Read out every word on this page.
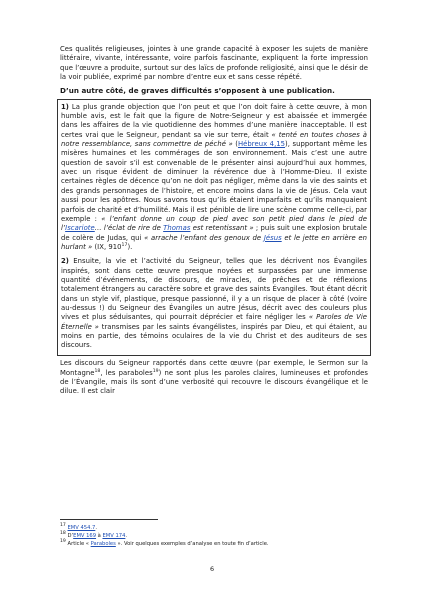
Ces qualités religieuses, jointes à une grande capacité à exposer les sujets de manière littéraire, vivante, intéressante, voire parfois fascinante, expliquent la forte impression que l’œuvre a produite, surtout sur des laïcs de profonde religiosité, ainsi que le désir de la voir publiée, exprimé par nombre d’entre eux et sans cesse répété.

D’un autre côté, de graves difficultés s’opposent à une publication.

1) La plus grande objection que l’on peut et que l’on doit faire à cette œuvre, à mon humble avis, est le fait que la figure de Notre-Seigneur y est abaissée et immergée dans les affaires de la vie quotidienne des hommes d’une manière inacceptable. Il est certes vrai que le Seigneur, pendant sa vie sur terre, était « tenté en toutes choses à notre ressemblance, sans commettre de péché » (Hébreux 4,15), supportant même les misères humaines et les commérages de son environnement. Mais c’est une autre question de savoir s’il est convenable de le présenter ainsi aujourd’hui aux hommes, avec un risque évident de diminuer la révérence due à l’Homme-Dieu. Il existe certaines règles de décence qu’on ne doit pas négliger, même dans la vie des saints et des grands personnages de l’histoire, et encore moins dans la vie de Jésus. Cela vaut aussi pour les apôtres. Nous savons tous qu’ils étaient imparfaits et qu’ils manquaient parfois de charité et d’humilité. Mais il est pénible de lire une scène comme celle-ci, par exemple : « l’enfant donne un coup de pied avec son petit pied dans le pied de l’Iscariote… l’éclat de rire de Thomas est retentissant » ; puis suit une explosion brutale de colère de Judas, qui « arrache l’enfant des genoux de Jésus et le jette en arrière en hurlant » (IX, $910^{17}$).

2) Ensuite, la vie et l’activité du Seigneur, telles que les décrivent nos Évangiles inspirés, sont dans cette œuvre presque noyées et surpassées par une immense quantité d’événements, de discours, de miracles, de prêches et de réflexions totalement étrangers au caractère sobre et grave des saints Évangiles. Tout étant décrit dans un style vif, plastique, presque passionné, il y a un risque de placer à côté (voire au-dessus !) du Seigneur des Évangiles un autre Jésus, décrit avec des couleurs plus vives et plus séduisantes, qui pourrait déprécier et faire négliger les « Paroles de Vie Éternelle » transmises par les saints évangélistes, inspirés par Dieu, et qui étaient, au moins en partie, des témoins oculaires de la vie du Christ et des auditeurs de ses discours.

Les discours du Seigneur rapportés dans cette œuvre (par exemple, le Sermon sur la Montagne$^{18}$, les paraboles$^{19}$) ne sont plus les paroles claires, lumineuses et profondes de l’Évangile, mais ils sont d’une verbosité qui recouvre le discours évangélique et le dilue. Il est clair

$^{17}$ EMV 454.7.
$^{18}$ D’EMV 169 à EMV 174.
$^{19}$ Article « Paraboles ». Voir quelques exemples d’analyse en toute fin d’article.
6
